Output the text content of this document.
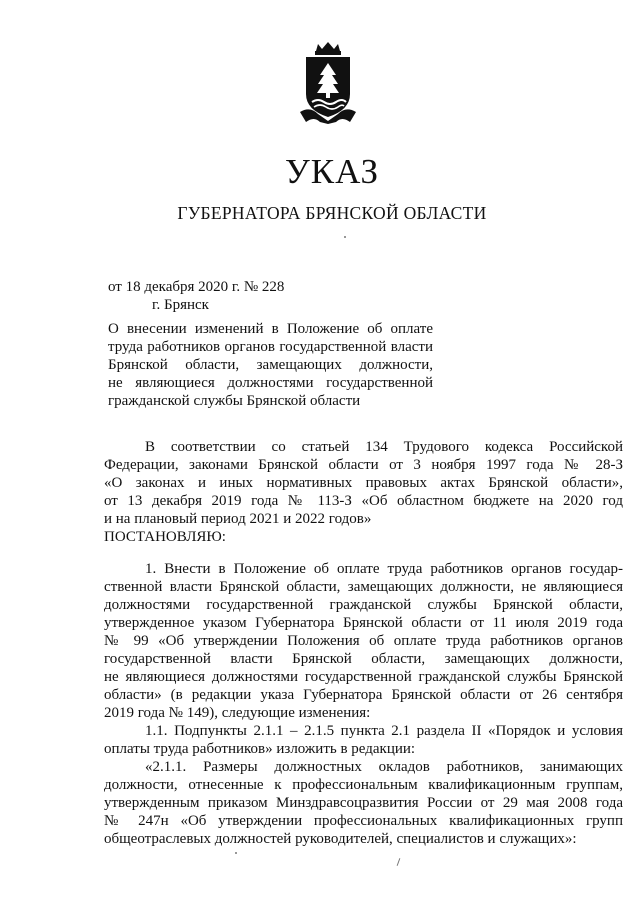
УКАЗ
ГУБЕРНАТОРА БРЯНСКОЙ ОБЛАСТИ
от 18 декабря 2020 г. № 228
г. Брянск
О внесении изменений в Положение об оплате
труда работников органов государственной власти
Брянской области, замещающих должности,
не являющиеся должностями государственной
гражданской службы Брянской области
В соответствии со статьей 134 Трудового кодекса Российской
Федерации, законами Брянской области от 3 ноября 1997 года № 28-З
«О законах и иных нормативных правовых актах Брянской области»,
от 13 декабря 2019 года № 113-З «Об областном бюджете на 2020 год
и на плановый период 2021 и 2022 годов»
ПОСТАНОВЛЯЮ:
1. Внести в Положение об оплате труда работников органов государ-
ственной власти Брянской области, замещающих должности, не являющиеся
должностями государственной гражданской службы Брянской области,
утвержденное указом Губернатора Брянской области от 11 июля 2019 года
№ 99 «Об утверждении Положения об оплате труда работников органов
государственной власти Брянской области, замещающих должности,
не являющиеся должностями государственной гражданской службы Брянской
области» (в редакции указа Губернатора Брянской области от 26 сентября
2019 года № 149), следующие изменения:
1.1. Подпункты 2.1.1 – 2.1.5 пункта 2.1 раздела II «Порядок и условия
оплаты труда работников» изложить в редакции:
«2.1.1. Размеры должностных окладов работников, занимающих
должности, отнесенные к профессиональным квалификационным группам,
утвержденным приказом Минздравсоцразвития России от 29 мая 2008 года
№ 247н «Об утверждении профессиональных квалификационных групп
общеотраслевых должностей руководителей, специалистов и служащих»:
